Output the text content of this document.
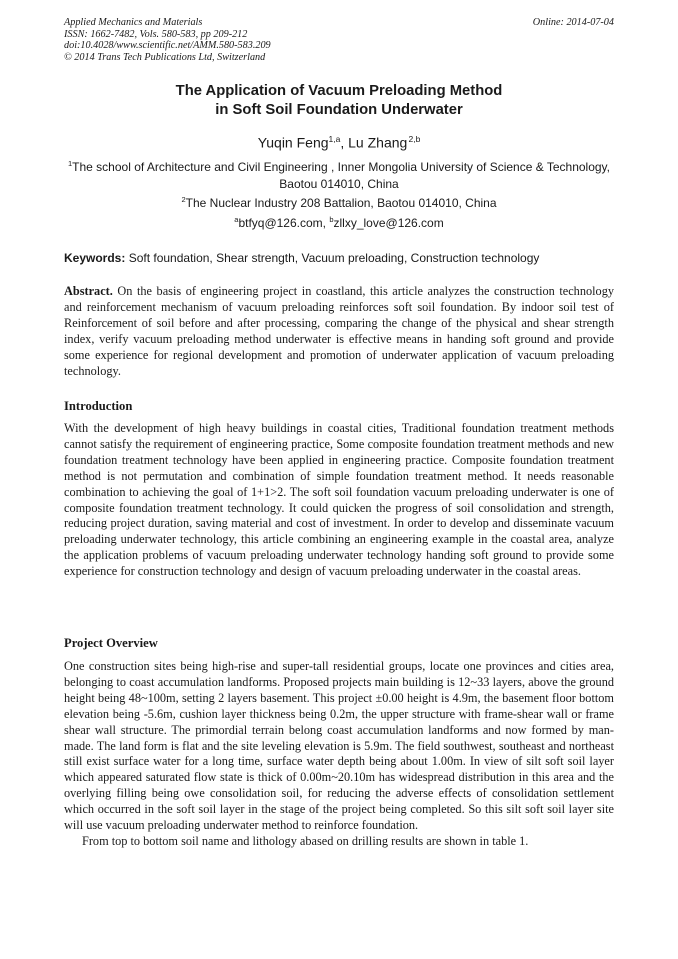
Applied Mechanics and Materials	Online: 2014-07-04
ISSN: 1662-7482, Vols. 580-583, pp 209-212
doi:10.4028/www.scientific.net/AMM.580-583.209
© 2014 Trans Tech Publications Ltd, Switzerland
The Application of Vacuum Preloading Method
in Soft Soil Foundation Underwater
Yuqin Feng$^{1,a}$, Lu Zhang $^{2,b}$
$^1$The school of Architecture and Civil Engineering , Inner Mongolia University of Science & Technology, Baotou 014010, China
$^2$The Nuclear Industry 208 Battalion, Baotou 014010, China
$^a$btfyq@126.com, $^b$zllxy_love@126.com
Keywords: Soft foundation, Shear strength, Vacuum preloading, Construction technology
Abstract. On the basis of engineering project in coastland, this article analyzes the construction technology and reinforcement mechanism of vacuum preloading reinforces soft soil foundation. By indoor soil test of Reinforcement of soil before and after processing, comparing the change of the physical and shear strength index, verify vacuum preloading method underwater is effective means in handing soft ground and provide some experience for regional development and promotion of underwater application of vacuum preloading technology.
Introduction
With the development of high heavy buildings in coastal cities, Traditional foundation treatment methods cannot satisfy the requirement of engineering practice, Some composite foundation treatment methods and new foundation treatment technology have been applied in engineering practice. Composite foundation treatment method is not permutation and combination of simple foundation treatment method. It needs reasonable combination to achieving the goal of 1+1>2. The soft soil foundation vacuum preloading underwater is one of composite foundation treatment technology. It could quicken the progress of soil consolidation and strength, reducing project duration, saving material and cost of investment. In order to develop and disseminate vacuum preloading underwater technology, this article combining an engineering example in the coastal area, analyze the application problems of vacuum preloading underwater technology handing soft ground to provide some experience for construction technology and design of vacuum preloading underwater in the coastal areas.
Project Overview
One construction sites being high-rise and super-tall residential groups, locate one provinces and cities area, belonging to coast accumulation landforms. Proposed projects main building is 12~33 layers, above the ground height being 48~100m, setting 2 layers basement. This project ±0.00 height is 4.9m, the basement floor bottom elevation being -5.6m, cushion layer thickness being 0.2m, the upper structure with frame-shear wall or frame shear wall structure. The primordial terrain belong coast accumulation landforms and now formed by man-made. The land form is flat and the site leveling elevation is 5.9m. The field southwest, southeast and northeast still exist surface water for a long time, surface water depth being about 1.00m. In view of silt soft soil layer which appeared saturated flow state is thick of 0.00m~20.10m has widespread distribution in this area and the overlying filling being owe consolidation soil, for reducing the adverse effects of consolidation settlement which occurred in the soft soil layer in the stage of the project being completed. So this silt soft soil layer site will use vacuum preloading underwater method to reinforce foundation.
From top to bottom soil name and lithology abased on drilling results are shown in table 1.
